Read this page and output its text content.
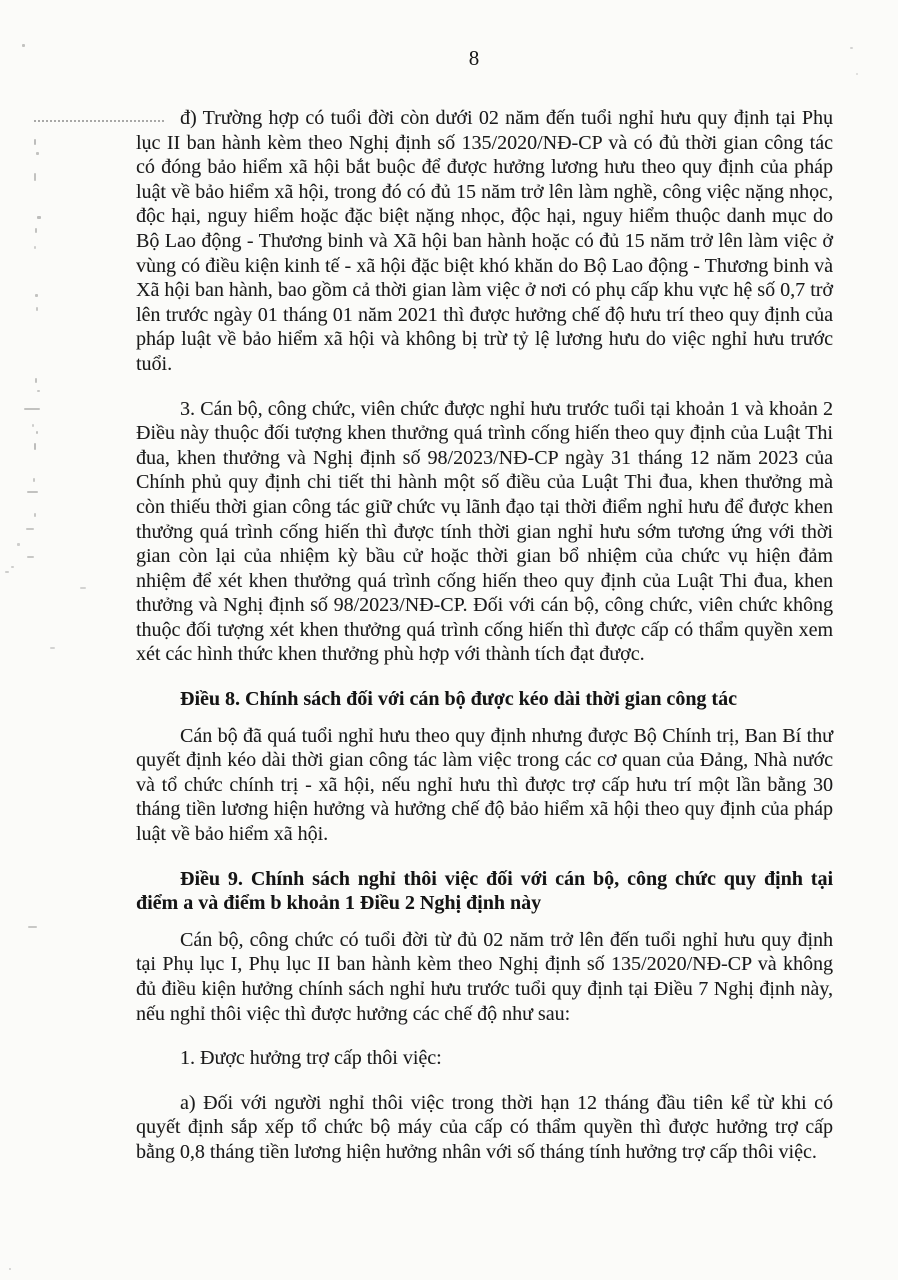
8

đ) Trường hợp có tuổi đời còn dưới 02 năm đến tuổi nghỉ hưu quy định tại Phụ lục II ban hành kèm theo Nghị định số 135/2020/NĐ-CP và có đủ thời gian công tác có đóng bảo hiểm xã hội bắt buộc để được hưởng lương hưu theo quy định của pháp luật về bảo hiểm xã hội, trong đó có đủ 15 năm trở lên làm nghề, công việc nặng nhọc, độc hại, nguy hiểm hoặc đặc biệt nặng nhọc, độc hại, nguy hiểm thuộc danh mục do Bộ Lao động - Thương binh và Xã hội ban hành hoặc có đủ 15 năm trở lên làm việc ở vùng có điều kiện kinh tế - xã hội đặc biệt khó khăn do Bộ Lao động - Thương binh và Xã hội ban hành, bao gồm cả thời gian làm việc ở nơi có phụ cấp khu vực hệ số 0,7 trở lên trước ngày 01 tháng 01 năm 2021 thì được hưởng chế độ hưu trí theo quy định của pháp luật về bảo hiểm xã hội và không bị trừ tỷ lệ lương hưu do việc nghỉ hưu trước tuổi.

3. Cán bộ, công chức, viên chức được nghỉ hưu trước tuổi tại khoản 1 và khoản 2 Điều này thuộc đối tượng khen thưởng quá trình cống hiến theo quy định của Luật Thi đua, khen thưởng và Nghị định số 98/2023/NĐ-CP ngày 31 tháng 12 năm 2023 của Chính phủ quy định chi tiết thi hành một số điều của Luật Thi đua, khen thưởng mà còn thiếu thời gian công tác giữ chức vụ lãnh đạo tại thời điểm nghỉ hưu để được khen thưởng quá trình cống hiến thì được tính thời gian nghỉ hưu sớm tương ứng với thời gian còn lại của nhiệm kỳ bầu cử hoặc thời gian bổ nhiệm của chức vụ hiện đảm nhiệm để xét khen thưởng quá trình cống hiến theo quy định của Luật Thi đua, khen thưởng và Nghị định số 98/2023/NĐ-CP. Đối với cán bộ, công chức, viên chức không thuộc đối tượng xét khen thưởng quá trình cống hiến thì được cấp có thẩm quyền xem xét các hình thức khen thưởng phù hợp với thành tích đạt được.

Điều 8. Chính sách đối với cán bộ được kéo dài thời gian công tác

Cán bộ đã quá tuổi nghỉ hưu theo quy định nhưng được Bộ Chính trị, Ban Bí thư quyết định kéo dài thời gian công tác làm việc trong các cơ quan của Đảng, Nhà nước và tổ chức chính trị - xã hội, nếu nghỉ hưu thì được trợ cấp hưu trí một lần bằng 30 tháng tiền lương hiện hưởng và hưởng chế độ bảo hiểm xã hội theo quy định của pháp luật về bảo hiểm xã hội.

Điều 9. Chính sách nghỉ thôi việc đối với cán bộ, công chức quy định tại điểm a và điểm b khoản 1 Điều 2 Nghị định này

Cán bộ, công chức có tuổi đời từ đủ 02 năm trở lên đến tuổi nghỉ hưu quy định tại Phụ lục I, Phụ lục II ban hành kèm theo Nghị định số 135/2020/NĐ-CP và không đủ điều kiện hưởng chính sách nghỉ hưu trước tuổi quy định tại Điều 7 Nghị định này, nếu nghỉ thôi việc thì được hưởng các chế độ như sau:

1. Được hưởng trợ cấp thôi việc:

a) Đối với người nghỉ thôi việc trong thời hạn 12 tháng đầu tiên kể từ khi có quyết định sắp xếp tổ chức bộ máy của cấp có thẩm quyền thì được hưởng trợ cấp bằng 0,8 tháng tiền lương hiện hưởng nhân với số tháng tính hưởng trợ cấp thôi việc.
